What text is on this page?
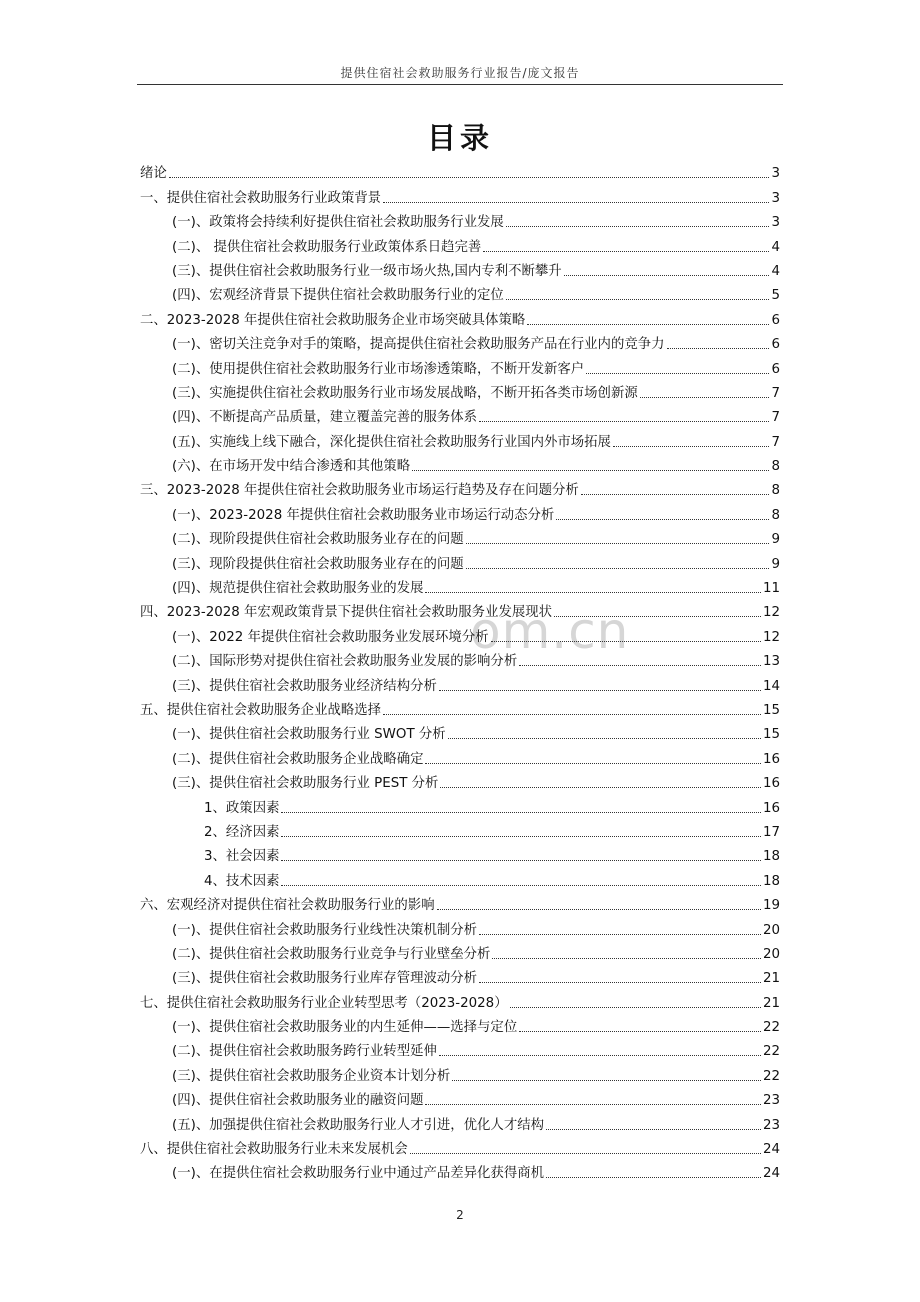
提供住宿社会救助服务行业报告/庞文报告
目录
om.cn
绪论	3
一、提供住宿社会救助服务行业政策背景	3
(一)、政策将会持续利好提供住宿社会救助服务行业发展	3
(二)、 提供住宿社会救助服务行业政策体系日趋完善	4
(三)、提供住宿社会救助服务行业一级市场火热,国内专利不断攀升	4
(四)、宏观经济背景下提供住宿社会救助服务行业的定位	5
二、2023-2028 年提供住宿社会救助服务企业市场突破具体策略	6
(一)、密切关注竞争对手的策略，提高提供住宿社会救助服务产品在行业内的竞争力	6
(二)、使用提供住宿社会救助服务行业市场渗透策略，不断开发新客户	6
(三)、实施提供住宿社会救助服务行业市场发展战略，不断开拓各类市场创新源	7
(四)、不断提高产品质量，建立覆盖完善的服务体系	7
(五)、实施线上线下融合，深化提供住宿社会救助服务行业国内外市场拓展	7
(六)、在市场开发中结合渗透和其他策略	8
三、2023-2028 年提供住宿社会救助服务业市场运行趋势及存在问题分析	8
(一)、2023-2028 年提供住宿社会救助服务业市场运行动态分析	8
(二)、现阶段提供住宿社会救助服务业存在的问题	9
(三)、现阶段提供住宿社会救助服务业存在的问题	9
(四)、规范提供住宿社会救助服务业的发展	11
四、2023-2028 年宏观政策背景下提供住宿社会救助服务业发展现状	12
(一)、2022 年提供住宿社会救助服务业发展环境分析	12
(二)、国际形势对提供住宿社会救助服务业发展的影响分析	13
(三)、提供住宿社会救助服务业经济结构分析	14
五、提供住宿社会救助服务企业战略选择	15
(一)、提供住宿社会救助服务行业 SWOT 分析	15
(二)、提供住宿社会救助服务企业战略确定	16
(三)、提供住宿社会救助服务行业 PEST 分析	16
1、政策因素	16
2、经济因素	17
3、社会因素	18
4、技术因素	18
六、宏观经济对提供住宿社会救助服务行业的影响	19
(一)、提供住宿社会救助服务行业线性决策机制分析	20
(二)、提供住宿社会救助服务行业竞争与行业壁垒分析	20
(三)、提供住宿社会救助服务行业库存管理波动分析	21
七、提供住宿社会救助服务行业企业转型思考（2023-2028）	21
(一)、提供住宿社会救助服务业的内生延伸——选择与定位	22
(二)、提供住宿社会救助服务跨行业转型延伸	22
(三)、提供住宿社会救助服务企业资本计划分析	22
(四)、提供住宿社会救助服务业的融资问题	23
(五)、加强提供住宿社会救助服务行业人才引进，优化人才结构	23
八、提供住宿社会救助服务行业未来发展机会	24
(一)、在提供住宿社会救助服务行业中通过产品差异化获得商机	24
2
